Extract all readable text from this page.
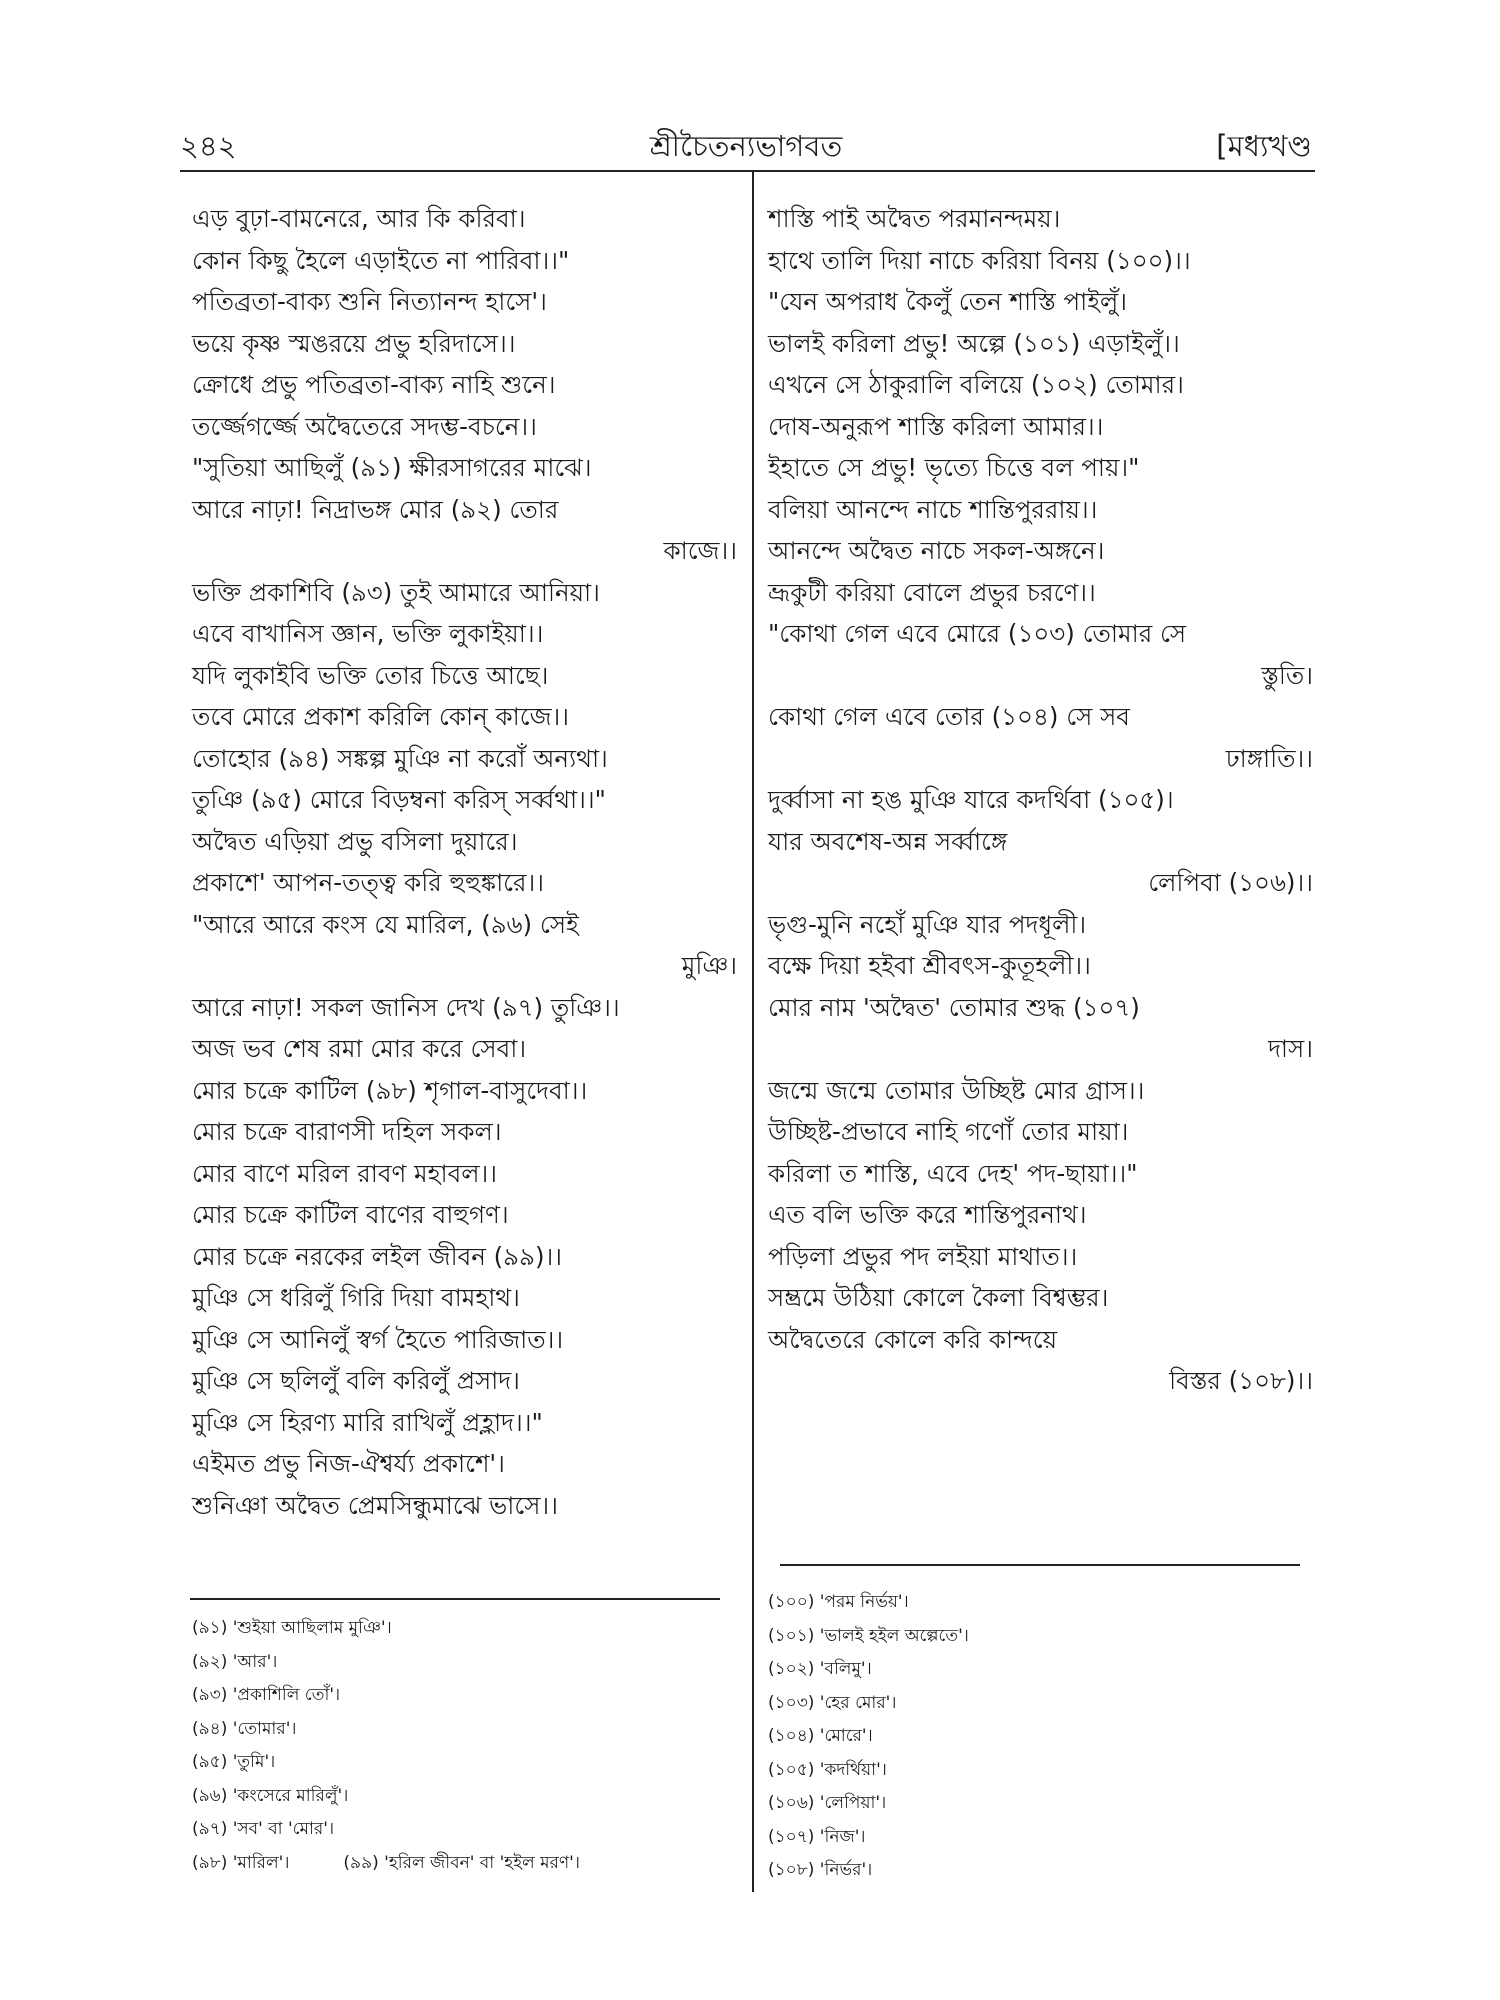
২৪২	শ্রীচৈতন্যভাগবত	[মধ্যখণ্ড
এড় বুঢ়া-বামনেরে, আর কি করিবা।
কোন কিছু হৈলে এড়াইতে না পারিবা।।"
পতিব্রতা-বাক্য শুনি নিত্যানন্দ হাসে'।
ভয়ে কৃষ্ণ স্মঙরয়ে প্রভু হরিদাসে।।
ক্রোধে প্রভু পতিব্রতা-বাক্য নাহি শুনে।
তর্জ্জেগর্জ্জে অদ্বৈতেরে সদম্ভ-বচনে।।
"সুতিয়া আছিলুঁ (৯১) ক্ষীরসাগরের মাঝে।
আরে নাঢ়া! নিদ্রাভঙ্গ মোর (৯২) তোর
কাজে।।
ভক্তি প্রকাশিবি (৯৩) তুই আমারে আনিয়া।
এবে বাখানিস জ্ঞান, ভক্তি লুকাইয়া।।
যদি লুকাইবি ভক্তি তোর চিত্তে আছে।
তবে মোরে প্রকাশ করিলি কোন্ কাজে।।
তোহোর (৯৪) সঙ্কল্প মুঞি না করোঁ অন্যথা।
তুঞি (৯৫) মোরে বিড়ম্বনা করিস্ সর্ব্বথা।।"
অদ্বৈত এড়িয়া প্রভু বসিলা দুয়ারে।
প্রকাশে' আপন-তত্ত্ব করি হুহুঙ্কারে।।
"আরে আরে কংস যে মারিল, (৯৬) সেই
মুঞি।
আরে নাঢ়া! সকল জানিস দেখ (৯৭) তুঞি।।
অজ ভব শেষ রমা মোর করে সেবা।
মোর চক্রে কাটিল (৯৮) শৃগাল-বাসুদেবা।।
মোর চক্রে বারাণসী দহিল সকল।
মোর বাণে মরিল রাবণ মহাবল।।
মোর চক্রে কাটিল বাণের বাহুগণ।
মোর চক্রে নরকের লইল জীবন (৯৯)।।
মুঞি সে ধরিলুঁ গিরি দিয়া বামহাথ।
মুঞি সে আনিলুঁ স্বর্গ হৈতে পারিজাত।।
মুঞি সে ছলিলুঁ বলি করিলুঁ প্রসাদ।
মুঞি সে হিরণ্য মারি রাখিলুঁ প্রহ্লাদ।।"
এইমত প্রভু নিজ-ঐশ্বর্য্য প্রকাশে'।
শুনিঞা অদ্বৈত প্রেমসিন্ধুমাঝে ভাসে।।
শাস্তি পাই অদ্বৈত পরমানন্দময়।
হাথে তালি দিয়া নাচে করিয়া বিনয় (১০০)।।
"যেন অপরাধ কৈলুঁ তেন শাস্তি পাইলুঁ।
ভালই করিলা প্রভু! অল্পে (১০১) এড়াইলুঁ।।
এখনে সে ঠাকুরালি বলিয়ে (১০২) তোমার।
দোষ-অনুরূপ শাস্তি করিলা আমার।।
ইহাতে সে প্রভু! ভৃত্যে চিত্তে বল পায়।"
বলিয়া আনন্দে নাচে শান্তিপুররায়।।
আনন্দে অদ্বৈত নাচে সকল-অঙ্গনে।
ভ্রূকুটী করিয়া বোলে প্রভুর চরণে।।
"কোথা গেল এবে মোরে (১০৩) তোমার সে
স্তুতি।
কোথা গেল এবে তোর (১০৪) সে সব
ঢাঙ্গাতি।।
দুর্ব্বাসা না হঙ মুঞি যারে কদর্থিবা (১০৫)।
যার অবশেষ-অন্ন সর্ব্বাঙ্গে
লেপিবা (১০৬)।।
ভৃগু-মুনি নহোঁ মুঞি যার পদধূলী।
বক্ষে দিয়া হইবা শ্রীবৎস-কুতূহলী।।
মোর নাম 'অদ্বৈত' তোমার শুদ্ধ (১০৭)
দাস।
জন্মে জন্মে তোমার উচ্ছিষ্ট মোর গ্রাস।।
উচ্ছিষ্ট-প্রভাবে নাহি গণোঁ তোর মায়া।
করিলা ত শাস্তি, এবে দেহ' পদ-ছায়া।।"
এত বলি ভক্তি করে শান্তিপুরনাথ।
পড়িলা প্রভুর পদ লইয়া মাথাত।।
সম্ভ্রমে উঠিয়া কোলে কৈলা বিশ্বম্ভর।
অদ্বৈতেরে কোলে করি কান্দয়ে
বিস্তর (১০৮)।।
(৯১) 'শুইয়া আছিলাম মুঞি'।
(৯২) 'আর'।
(৯৩) 'প্রকাশিলি তোঁ'।
(৯৪) 'তোমার'।
(৯৫) 'তুমি'।
(৯৬) 'কংসেরে মারিলুঁ'।
(৯৭) 'সব' বা 'মোর'।
(৯৮) 'মারিল'।	(৯৯) 'হরিল জীবন' বা 'হইল মরণ'।
(১০০) 'পরম নির্ভয়'।
(১০১) 'ভালই হইল অল্পেতে'।
(১০২) 'বলিমু'।
(১০৩) 'হের মোর'।
(১০৪) 'মোরে'।
(১০৫) 'কদর্থিয়া'।
(১০৬) 'লেপিয়া'।
(১০৭) 'নিজ'।
(১০৮) 'নির্ভর'।
